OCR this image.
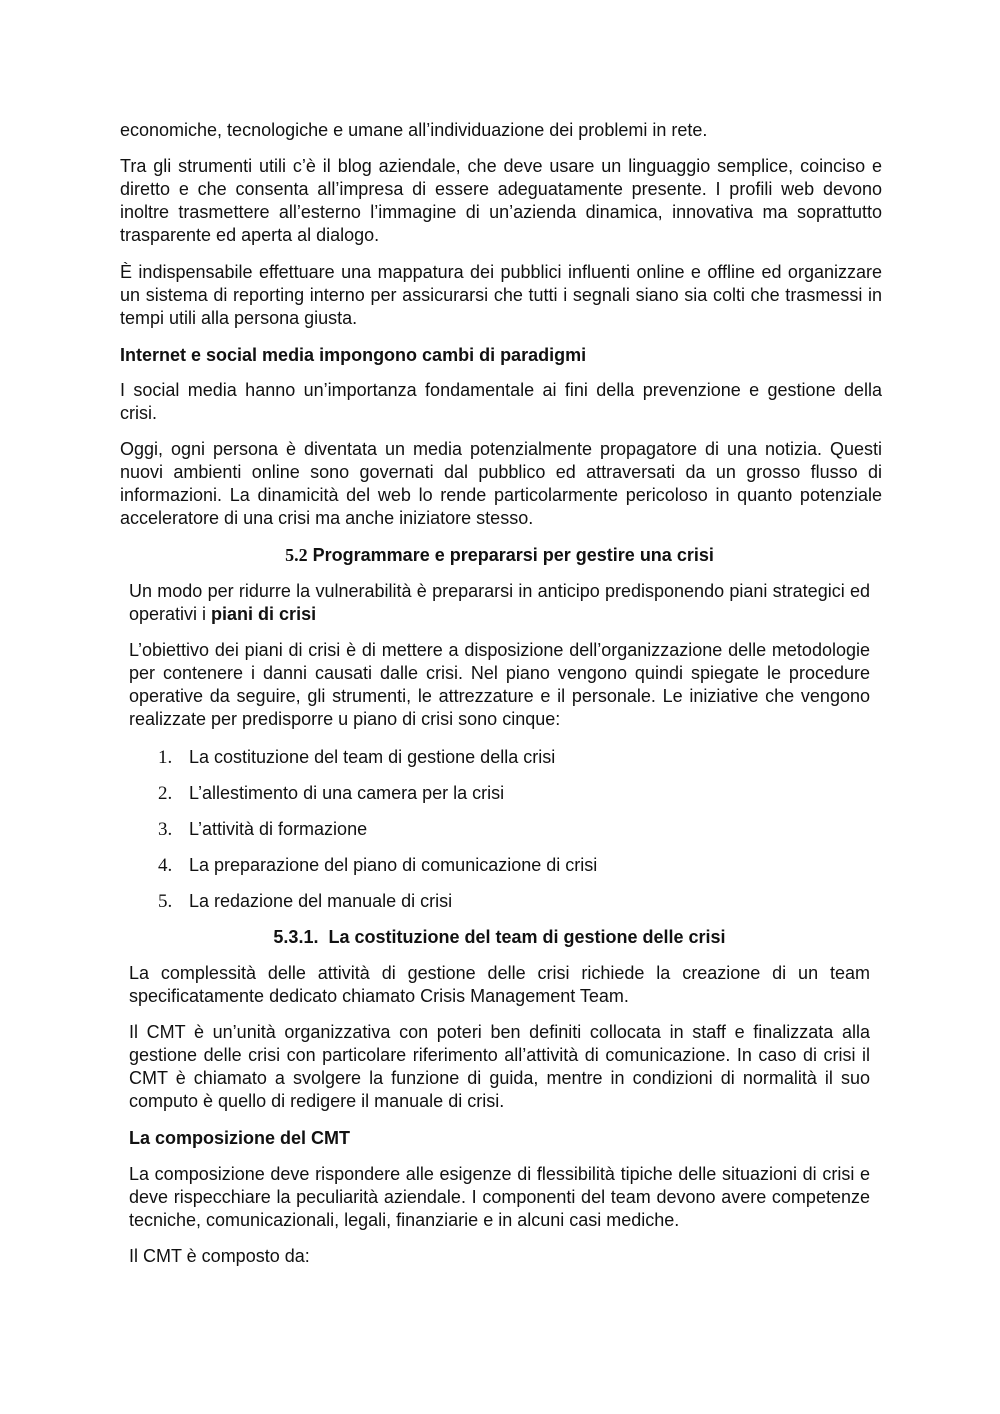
economiche, tecnologiche e umane all’individuazione dei problemi in rete.

Tra gli strumenti utili c’è il blog aziendale, che deve usare un linguaggio semplice, coinciso e diretto e che consenta all’impresa di essere adeguatamente presente. I profili web devono inoltre trasmettere all’esterno l’immagine di un’azienda dinamica, innovativa ma soprattutto trasparente ed aperta al dialogo.

È indispensabile effettuare una mappatura dei pubblici influenti online e offline ed organizzare un sistema di reporting interno per assicurarsi che tutti i segnali siano sia colti che trasmessi in tempi utili alla persona giusta.

Internet e social media impongono cambi di paradigmi

I social media hanno un’importanza fondamentale ai fini della prevenzione e gestione della crisi.

Oggi, ogni persona è diventata un media potenzialmente propagatore di una notizia. Questi nuovi ambienti online sono governati dal pubblico ed attraversati da un grosso flusso di informazioni. La dinamicità del web lo rende particolarmente pericoloso in quanto potenziale acceleratore di una crisi ma anche iniziatore stesso.

5.2 Programmare e prepararsi per gestire una crisi

Un modo per ridurre la vulnerabilità è prepararsi in anticipo predisponendo piani strategici ed operativi i piani di crisi

L’obiettivo dei piani di crisi è di mettere a disposizione dell’organizzazione delle metodologie per contenere i danni causati dalle crisi. Nel piano vengono quindi spiegate le procedure operative da seguire, gli strumenti, le attrezzature e il personale. Le iniziative che vengono realizzate per predisporre u piano di crisi sono cinque:

1. La costituzione del team di gestione della crisi
2. L’allestimento di una camera per la crisi
3. L’attività di formazione
4. La preparazione del piano di comunicazione di crisi
5. La redazione del manuale di crisi

5.3.1.  La costituzione del team di gestione delle crisi

La complessità delle attività di gestione delle crisi richiede la creazione di un team specificatamente dedicato chiamato Crisis Management Team.

Il CMT è un’unità organizzativa con poteri ben definiti collocata in staff e finalizzata alla gestione delle crisi con particolare riferimento all’attività di comunicazione. In caso di crisi il CMT è chiamato a svolgere la funzione di guida, mentre in condizioni di normalità il suo computo è quello di redigere il manuale di crisi.

La composizione del CMT

La composizione deve rispondere alle esigenze di flessibilità tipiche delle situazioni di crisi e deve rispecchiare la peculiarità aziendale. I componenti del team devono avere competenze tecniche, comunicazionali, legali, finanziarie e in alcuni casi mediche.

Il CMT è composto da:
